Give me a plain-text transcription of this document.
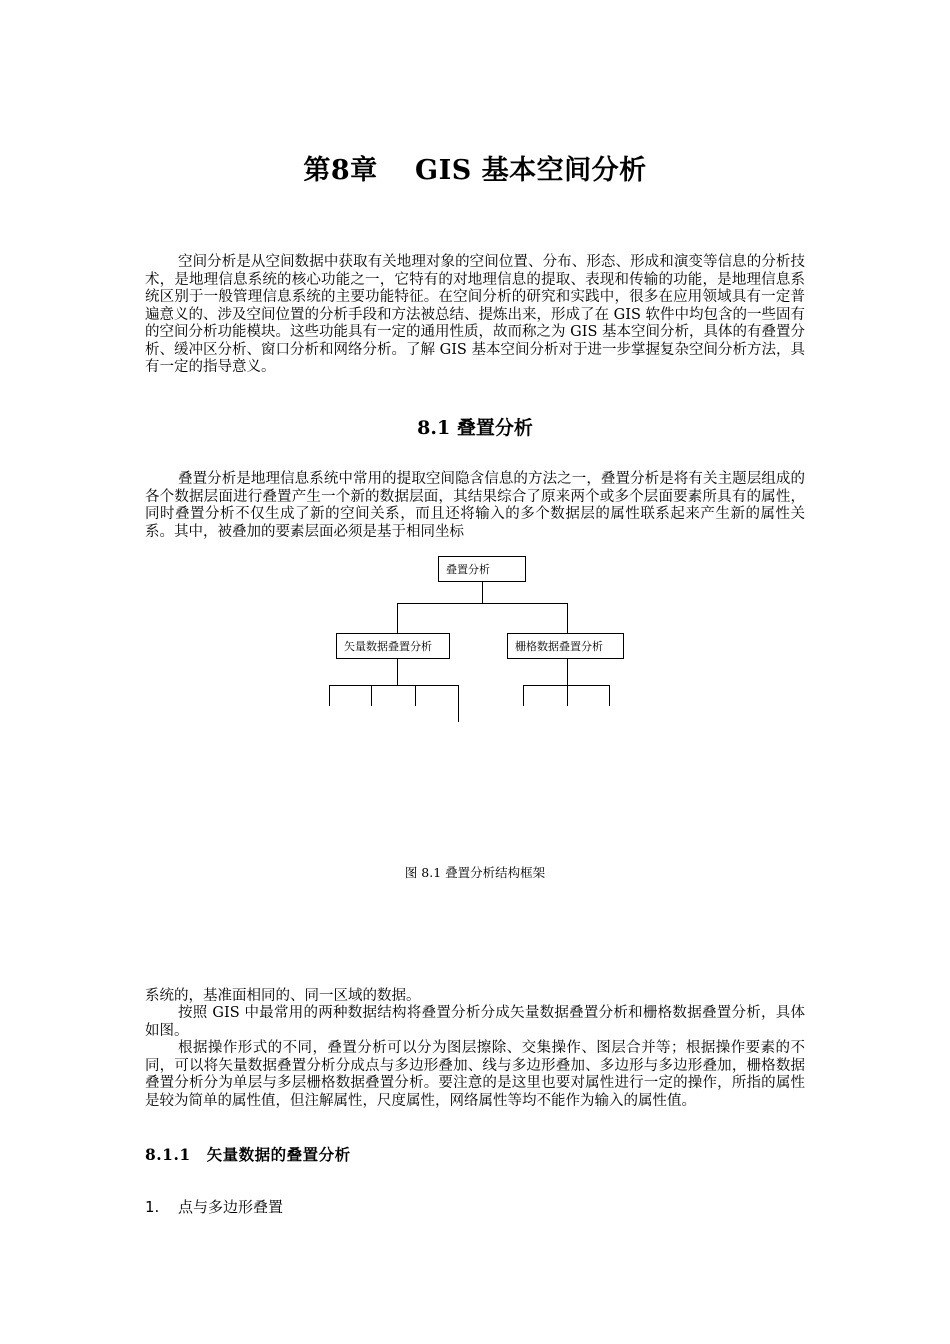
第8章　 GIS 基本空间分析
空间分析是从空间数据中获取有关地理对象的空间位置、分布、形态、形成和演变等信息的分析技术，是地理信息系统的核心功能之一，它特有的对地理信息的提取、表现和传输的功能，是地理信息系统区别于一般管理信息系统的主要功能特征。在空间分析的研究和实践中，很多在应用领域具有一定普遍意义的、涉及空间位置的分析手段和方法被总结、提炼出来，形成了在 GIS 软件中均包含的一些固有的空间分析功能模块。这些功能具有一定的通用性质，故而称之为 GIS 基本空间分析，具体的有叠置分析、缓冲区分析、窗口分析和网络分析。了解 GIS 基本空间分析对于进一步掌握复杂空间分析方法，具有一定的指导意义。
8.1 叠置分析
叠置分析是地理信息系统中常用的提取空间隐含信息的方法之一，叠置分析是将有关主题层组成的各个数据层面进行叠置产生一个新的数据层面，其结果综合了原来两个或多个层面要素所具有的属性，同时叠置分析不仅生成了新的空间关系，而且还将输入的多个数据层的属性联系起来产生新的属性关系。其中，被叠加的要素层面必须是基于相同坐标
叠置分析
矢量数据叠置分析	栅格数据叠置分析
图 8.1 叠置分析结构框架
系统的，基准面相同的、同一区域的数据。
按照 GIS 中最常用的两种数据结构将叠置分析分成矢量数据叠置分析和栅格数据叠置分析，具体如图。
根据操作形式的不同，叠置分析可以分为图层擦除、交集操作、图层合并等；根据操作要素的不同，可以将矢量数据叠置分析分成点与多边形叠加、线与多边形叠加、多边形与多边形叠加，栅格数据叠置分析分为单层与多层栅格数据叠置分析。要注意的是这里也要对属性进行一定的操作，所指的属性是较为简单的属性值，但注解属性，尺度属性，网络属性等均不能作为输入的属性值。
8.1.1　矢量数据的叠置分析
1. 点与多边形叠置
